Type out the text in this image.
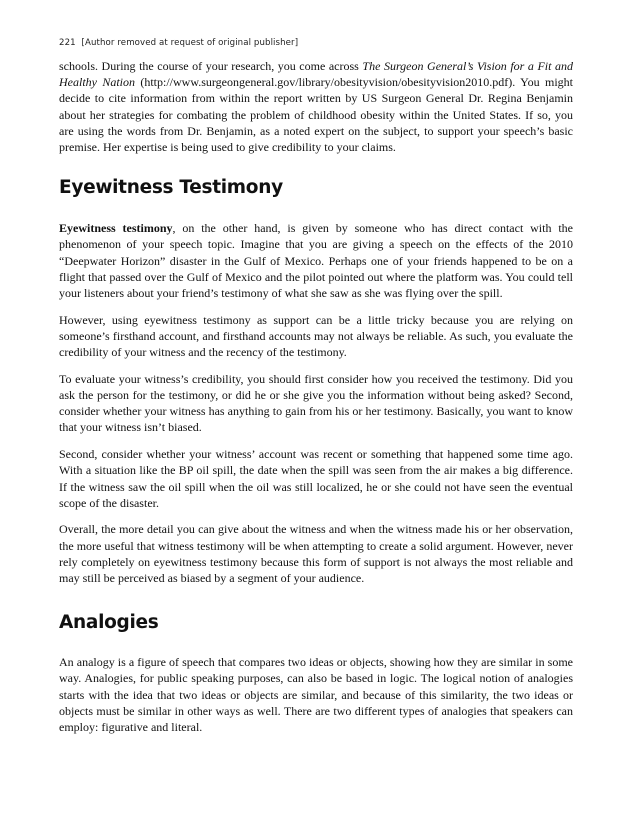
221 [Author removed at request of original publisher]

schools. During the course of your research, you come across The Surgeon General’s Vision for a Fit and Healthy Nation (http://www.surgeongeneral.gov/library/obesityvision/obesityvision2010.pdf). You might decide to cite information from within the report written by US Surgeon General Dr. Regina Benjamin about her strategies for combating the problem of childhood obesity within the United States. If so, you are using the words from Dr. Benjamin, as a noted expert on the subject, to support your speech’s basic premise. Her expertise is being used to give credibility to your claims.

Eyewitness Testimony

Eyewitness testimony, on the other hand, is given by someone who has direct contact with the phenomenon of your speech topic. Imagine that you are giving a speech on the effects of the 2010 “Deepwater Horizon” disaster in the Gulf of Mexico. Perhaps one of your friends happened to be on a flight that passed over the Gulf of Mexico and the pilot pointed out where the platform was. You could tell your listeners about your friend’s testimony of what she saw as she was flying over the spill.

However, using eyewitness testimony as support can be a little tricky because you are relying on someone’s firsthand account, and firsthand accounts may not always be reliable. As such, you evaluate the credibility of your witness and the recency of the testimony.

To evaluate your witness’s credibility, you should first consider how you received the testimony. Did you ask the person for the testimony, or did he or she give you the information without being asked? Second, consider whether your witness has anything to gain from his or her testimony. Basically, you want to know that your witness isn’t biased.

Second, consider whether your witness’ account was recent or something that happened some time ago. With a situation like the BP oil spill, the date when the spill was seen from the air makes a big difference. If the witness saw the oil spill when the oil was still localized, he or she could not have seen the eventual scope of the disaster.

Overall, the more detail you can give about the witness and when the witness made his or her observation, the more useful that witness testimony will be when attempting to create a solid argument. However, never rely completely on eyewitness testimony because this form of support is not always the most reliable and may still be perceived as biased by a segment of your audience.

Analogies

An analogy is a figure of speech that compares two ideas or objects, showing how they are similar in some way. Analogies, for public speaking purposes, can also be based in logic. The logical notion of analogies starts with the idea that two ideas or objects are similar, and because of this similarity, the two ideas or objects must be similar in other ways as well. There are two different types of analogies that speakers can employ: figurative and literal.
